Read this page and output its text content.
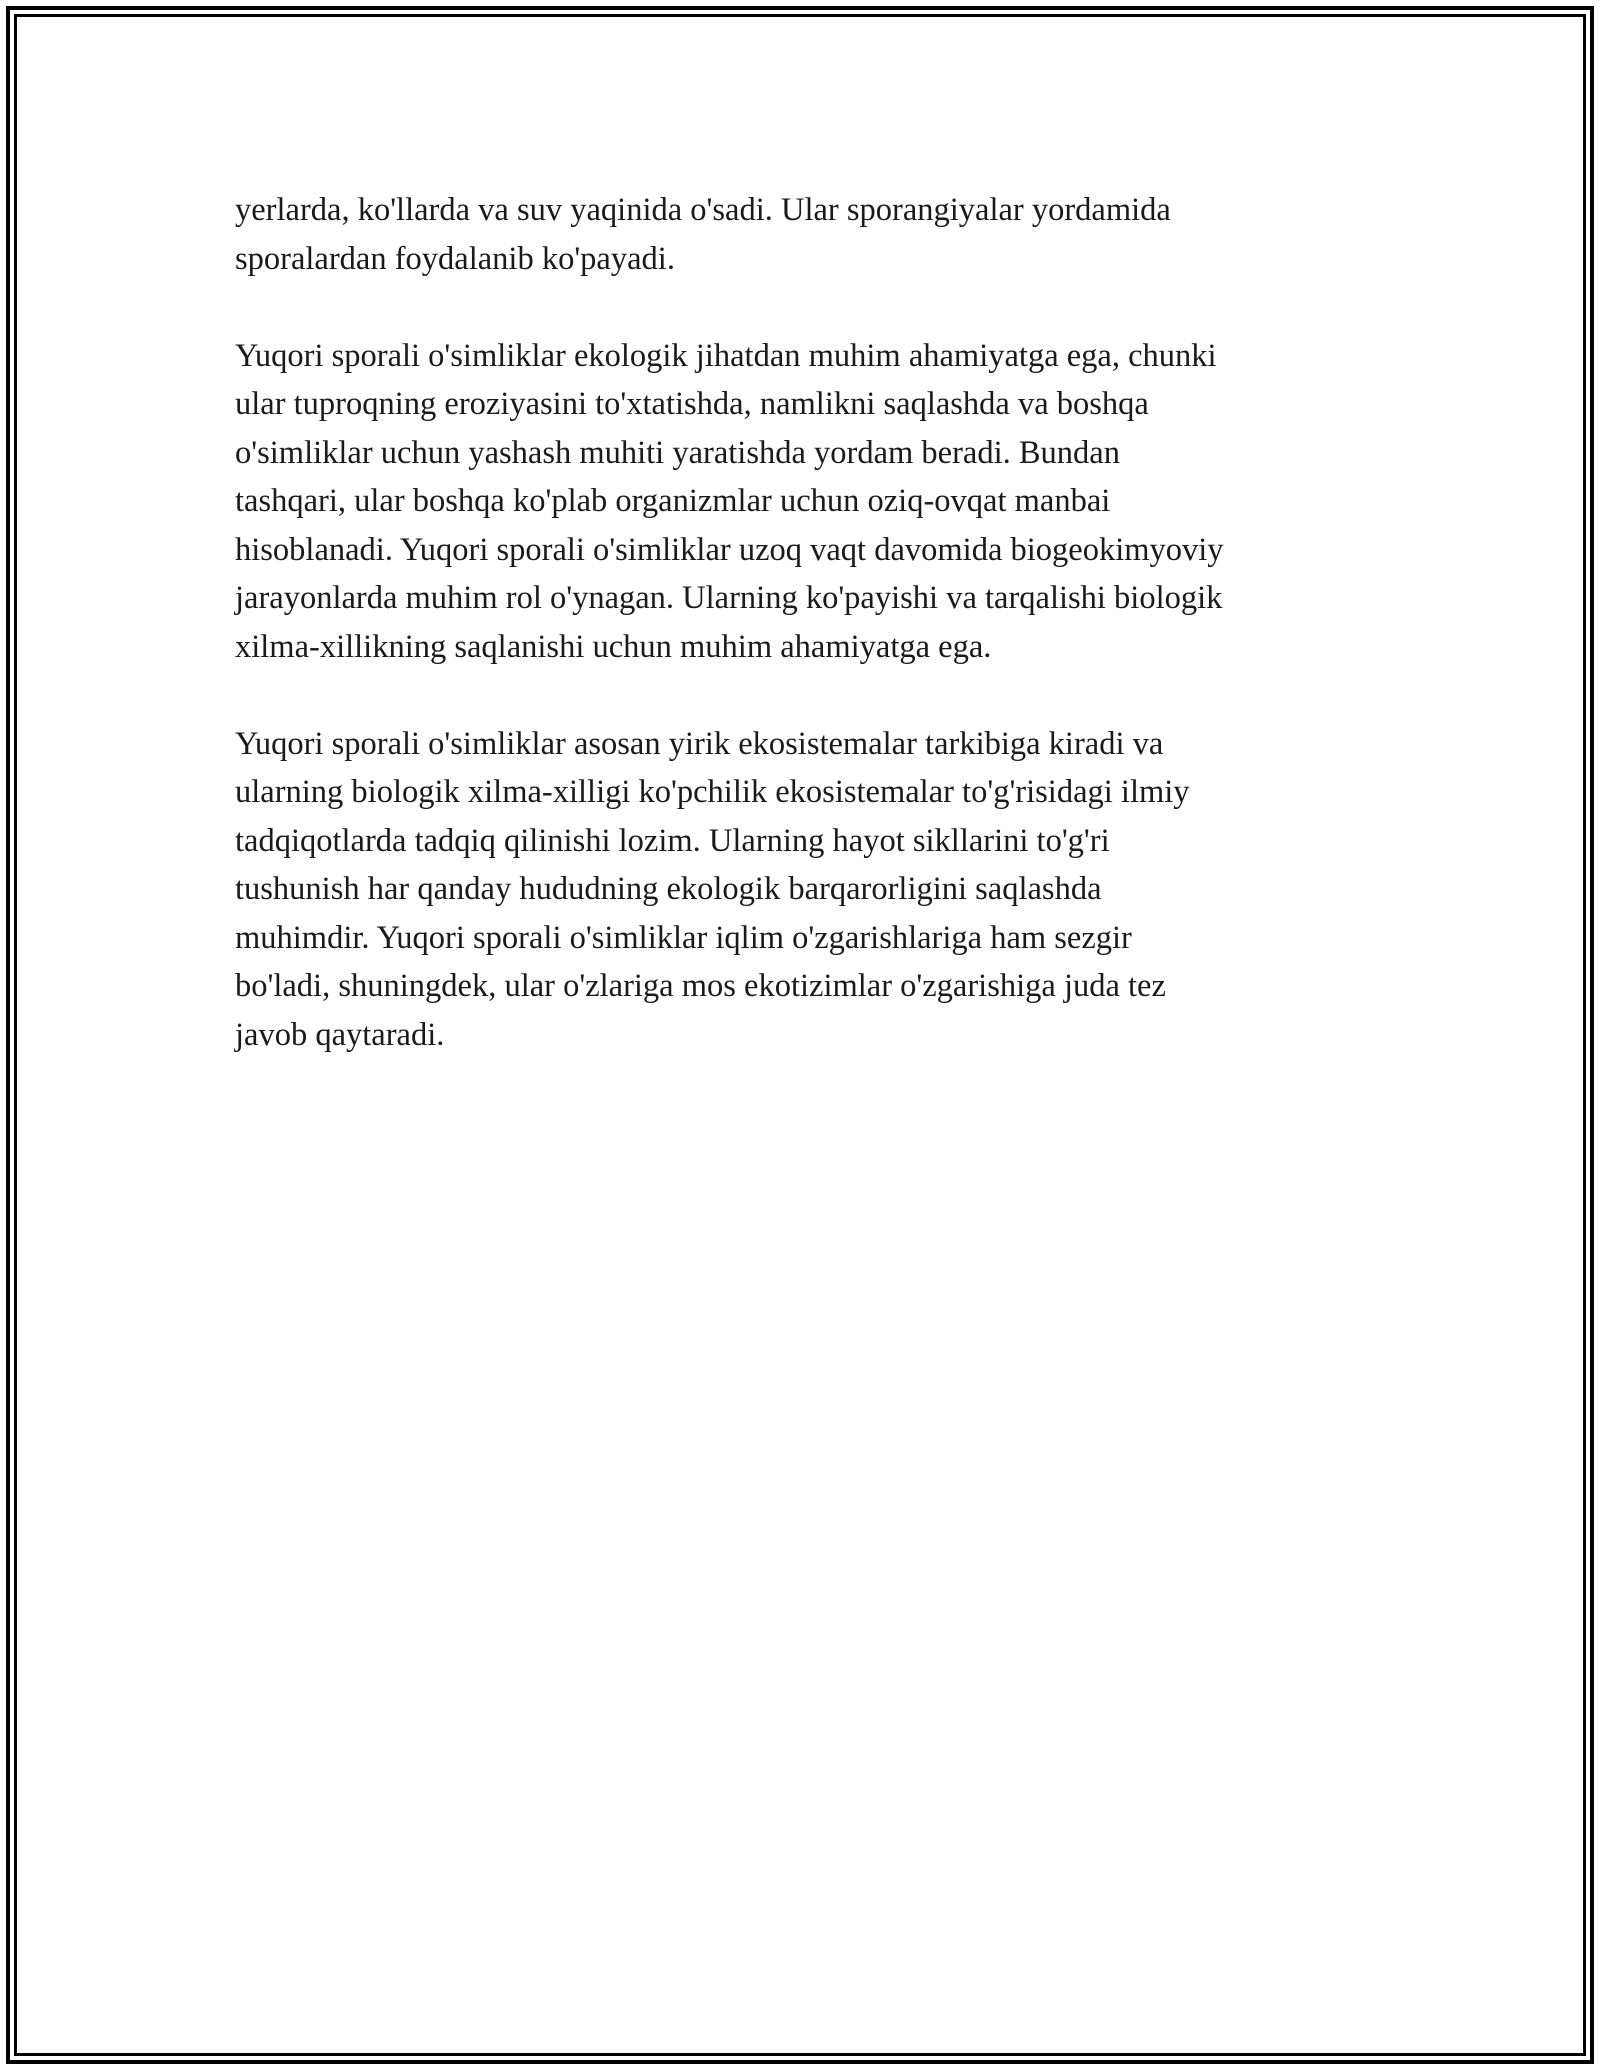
yerlarda, ko'llarda va suv yaqinida o'sadi. Ular sporangiyalar yordamida
sporalardan foydalanib ko'payadi.

Yuqori sporali o'simliklar ekologik jihatdan muhim ahamiyatga ega, chunki
ular tuproqning eroziyasini to'xtatishda, namlikni saqlashda va boshqa
o'simliklar uchun yashash muhiti yaratishda yordam beradi. Bundan
tashqari, ular boshqa ko'plab organizmlar uchun oziq-ovqat manbai
hisoblanadi. Yuqori sporali o'simliklar uzoq vaqt davomida biogeokimyoviy
jarayonlarda muhim rol o'ynagan. Ularning ko'payishi va tarqalishi biologik
xilma-xillikning saqlanishi uchun muhim ahamiyatga ega.

Yuqori sporali o'simliklar asosan yirik ekosistemalar tarkibiga kiradi va
ularning biologik xilma-xilligi ko'pchilik ekosistemalar to'g'risidagi ilmiy
tadqiqotlarda tadqiq qilinishi lozim. Ularning hayot sikllarini to'g'ri
tushunish har qanday hududning ekologik barqarorligini saqlashda
muhimdir. Yuqori sporali o'simliklar iqlim o'zgarishlariga ham sezgir
bo'ladi, shuningdek, ular o'zlariga mos ekotizimlar o'zgarishiga juda tez
javob qaytaradi.
